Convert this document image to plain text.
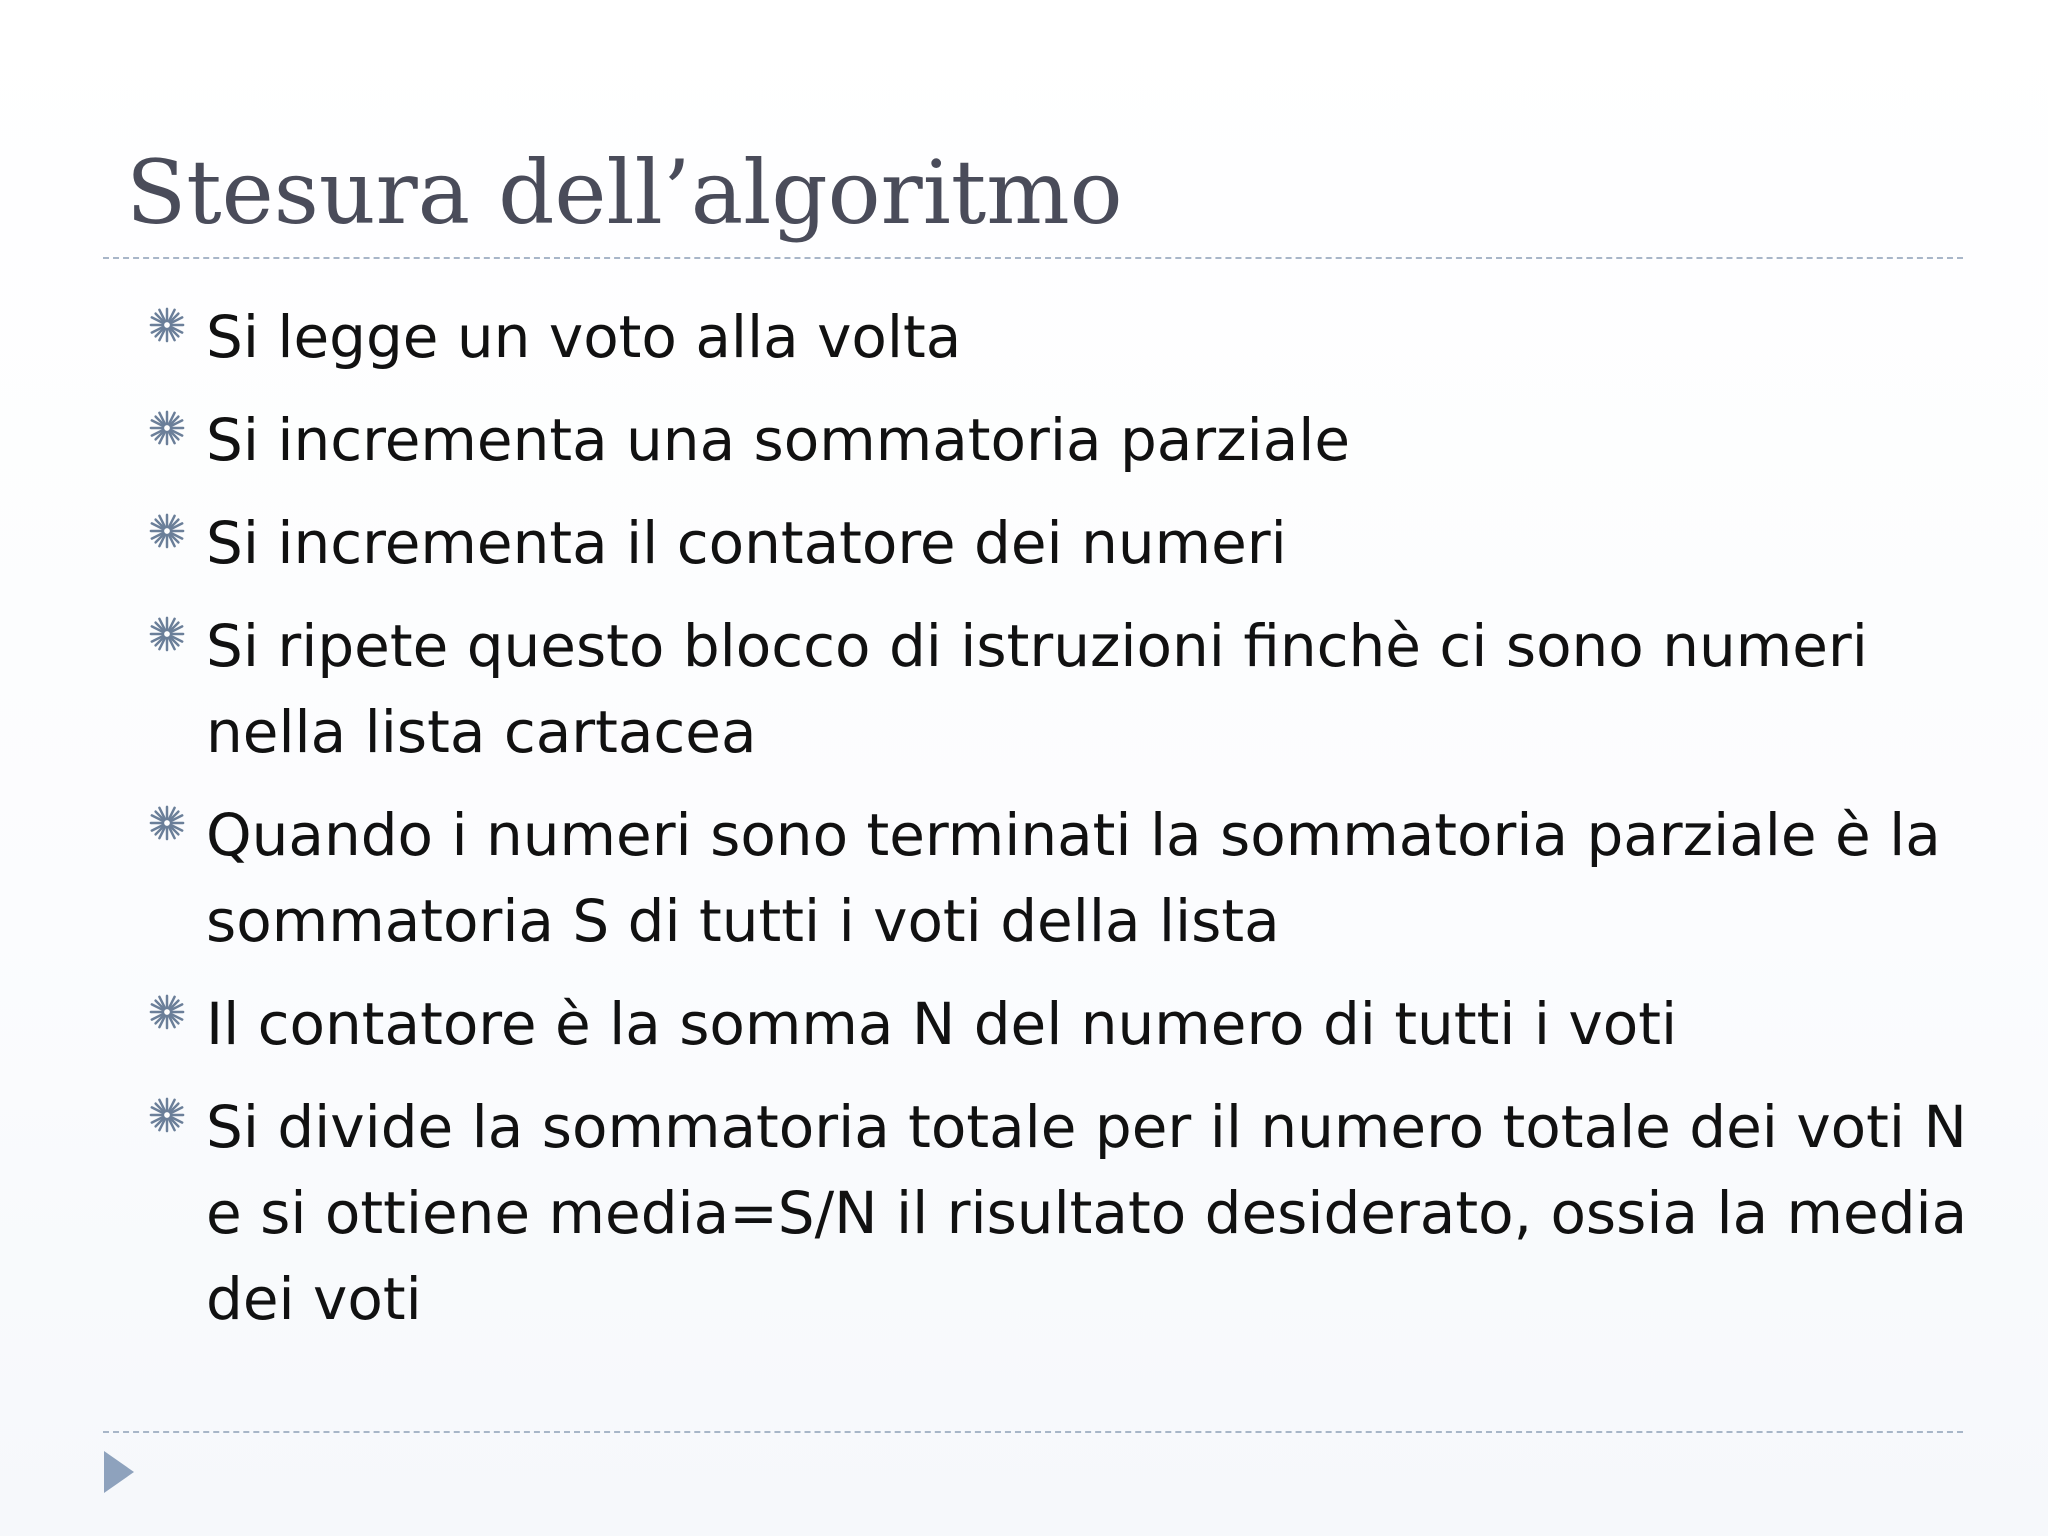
Stesura dell’algoritmo
Si legge un voto alla volta
Si incrementa una sommatoria parziale
Si incrementa il contatore dei numeri
Si ripete questo blocco di istruzioni finchè ci sono numeri nella lista cartacea
Quando i numeri sono terminati la sommatoria parziale è la sommatoria S di tutti i voti della lista
Il contatore è la somma N del numero di tutti i voti
Si divide la sommatoria totale per il numero totale dei voti N e si ottiene media=S/N il risultato desiderato, ossia la media dei voti
